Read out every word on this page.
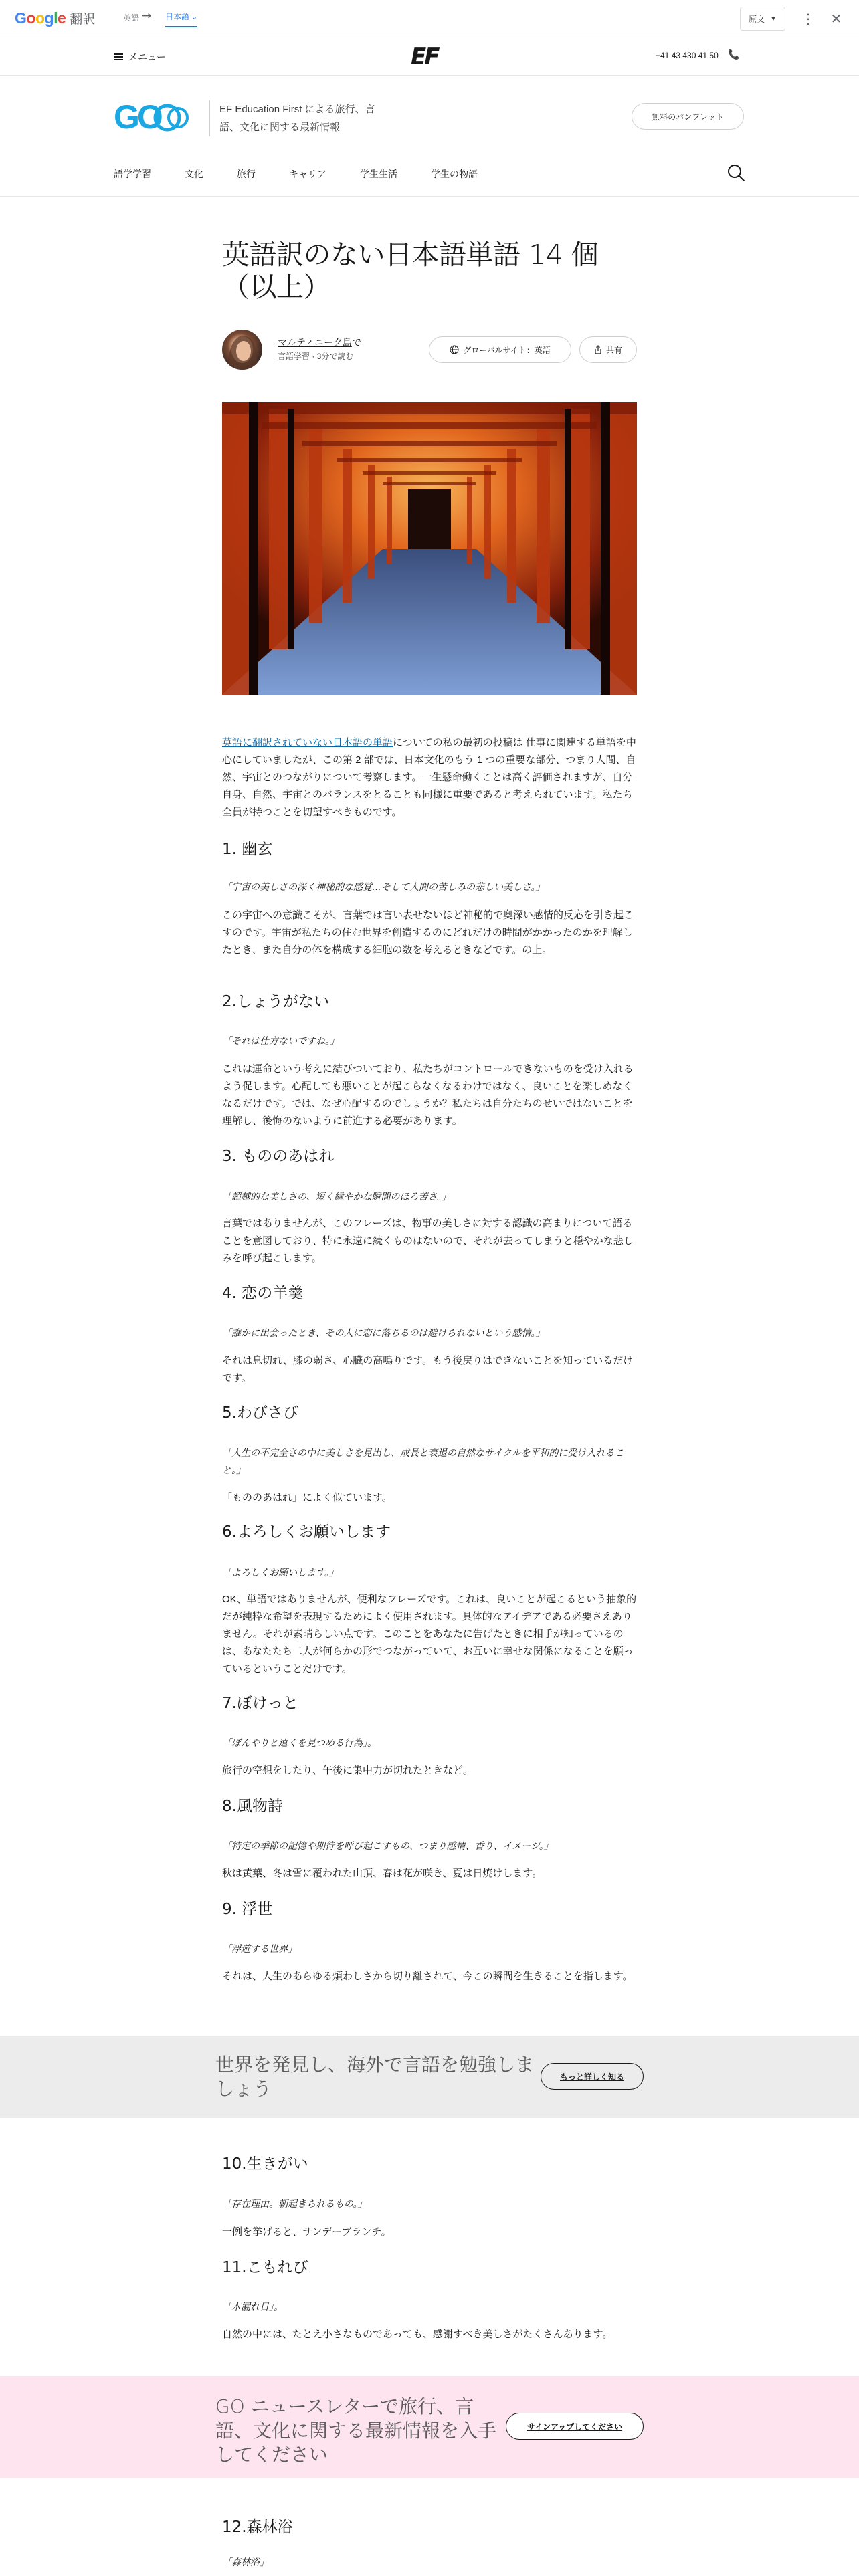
Google 翻訳	英語 → 日本語 ⌄	原文 ▼ ⋮ ✕
メニュー	EF	+41 43 430 41 50 📞
GO	EF Education First による旅行、言語、文化に関する最新情報
無料のパンフレット
語学学習	文化	旅行	キャリア	学生生活	学生の物語
英語訳のない日本語単語 14 個（以上）
マルティニーク島で
言語学習 · 3分で読む
グローバルサイト：英語	共有
英語に翻訳されていない日本語の単語についての私の最初の投稿は 仕事に関連する単語を中心にしていましたが、この第 2 部では、日本文化のもう 1 つの重要な部分、つまり人間、自然、宇宙とのつながりについて考察します。一生懸命働くことは高く評価されますが、自分自身、自然、宇宙とのバランスをとることも同様に重要であると考えられています。私たち全員が持つことを切望すべきものです。
1. 幽玄

「宇宙の美しさの深く神秘的な感覚…そして人間の苦しみの悲しい美しさ。」

この宇宙への意識こそが、言葉では言い表せないほど神秘的で奥深い感情的反応を引き起こすのです。宇宙が私たちの住む世界を創造するのにどれだけの時間がかかったのかを理解したとき、また自分の体を構成する細胞の数を考えるときなどです。の上。

2.しょうがない

「それは仕方ないですね。」

これは運命という考えに結びついており、私たちがコントロールできないものを受け入れるよう促します。心配しても悪いことが起こらなくなるわけではなく、良いことを楽しめなくなるだけです。では、なぜ心配するのでしょうか？私たちは自分たちのせいではないことを理解し、後悔のないように前進する必要があります。

3. もののあはれ

「超越的な美しさの、短く縁やかな瞬間のほろ苦さ。」

言葉ではありませんが、このフレーズは、物事の美しさに対する認識の高まりについて語ることを意図しており、特に永遠に続くものはないので、それが去ってしまうと穏やかな悲しみを呼び起こします。

4. 恋の羊羹

「誰かに出会ったとき、その人に恋に落ちるのは避けられないという感情。」

それは息切れ、膝の弱さ、心臓の高鳴りです。もう後戻りはできないことを知っているだけです。

5.わびさび

「人生の不完全さの中に美しさを見出し、成長と衰退の自然なサイクルを平和的に受け入れること。」

「もののあはれ」によく似ています。

6.よろしくお願いします

「よろしくお願いします。」

OK、単語ではありませんが、便利なフレーズです。これは、良いことが起こるという抽象的だが純粋な希望を表現するためによく使用されます。具体的なアイデアである必要さえありません。それが素晴らしい点です。このことをあなたに告げたときに相手が知っているのは、あなたたち二人が何らかの形でつながっていて、お互いに幸せな関係になることを願っているということだけです。

7.ぼけっと

「ぼんやりと遠くを見つめる行為」。

旅行の空想をしたり、午後に集中力が切れたときなど。

8.風物詩

「特定の季節の記憶や期待を呼び起こすもの、つまり感情、香り、イメージ。」

秋は黄葉、冬は雪に覆われた山頂、春は花が咲き、夏は日焼けします。

9. 浮世

「浮遊する世界」

それは、人生のあらゆる煩わしさから切り離されて、今この瞬間を生きることを指します。

世界を発見し、海外で言語を勉強しましょう
もっと詳しく知る
10.生きがい

「存在理由。朝起きられるもの。」

一例を挙げると、サンデーブランチ。

11.こもれび

「木漏れ日」。

自然の中には、たとえ小さなものであっても、感謝すべき美しさがたくさんあります。

GO ニュースレターで旅行、言語、文化に関する最新情報を入手してください
サインアップしてください
12.森林浴

「森林浴」
